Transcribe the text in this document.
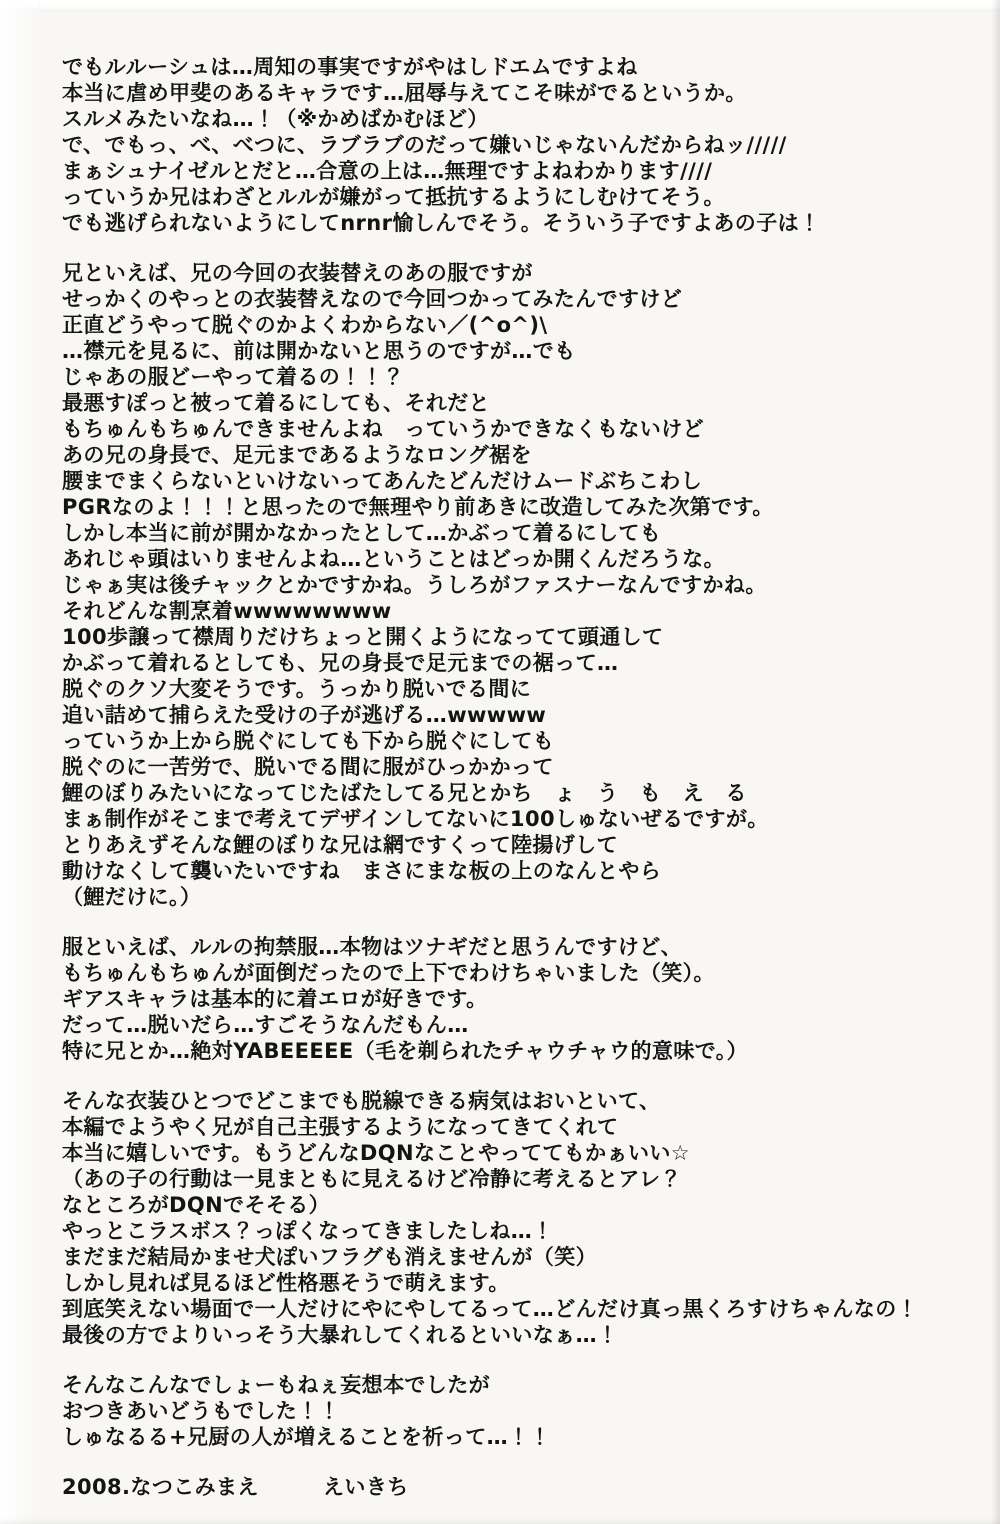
でもルルーシュは…周知の事実ですがやはしドエムですよね
本当に虐め甲斐のあるキャラです…屈辱与えてこそ味がでるというか。
スルメみたいなね…！（※かめばかむほど）
で、でもっ、べ、べつに、ラブラブのだって嫌いじゃないんだからねッ/////
まぁシュナイゼルとだと…合意の上は…無理ですよねわかります////
っていうか兄はわざとルルが嫌がって抵抗するようにしむけてそう。
でも逃げられないようにしてnrnr愉しんでそう。そういう子ですよあの子は！
兄といえば、兄の今回の衣装替えのあの服ですが
せっかくのやっとの衣装替えなので今回つかってみたんですけど
正直どうやって脱ぐのかよくわからない／(^o^)\
…襟元を見るに、前は開かないと思うのですが…でも
じゃあの服どーやって着るの！！？
最悪すぽっと被って着るにしても、それだと
もちゅんもちゅんできませんよね　っていうかできなくもないけど
あの兄の身長で、足元まであるようなロング裾を
腰までまくらないといけないってあんたどんだけムードぶちこわし
PGRなのよ！！！と思ったので無理やり前あきに改造してみた次第です。
しかし本当に前が開かなかったとして…かぶって着るにしても
あれじゃ頭はいりませんよね…ということはどっか開くんだろうな。
じゃぁ実は後チャックとかですかね。うしろがファスナーなんですかね。
それどんな割烹着wwwwwwww
100歩譲って襟周りだけちょっと開くようになってて頭通して
かぶって着れるとしても、兄の身長で足元までの裾って…
脱ぐのクソ大変そうです。うっかり脱いでる間に
追い詰めて捕らえた受けの子が逃げる…wwwww
っていうか上から脱ぐにしても下から脱ぐにしても
脱ぐのに一苦労で、脱いでる間に服がひっかかって
鯉のぼりみたいになってじたばたしてる兄とかち　ょ　う　も　え　る
まぁ制作がそこまで考えてデザインしてないに100しゅないぜるですが。
とりあえずそんな鯉のぼりな兄は網ですくって陸揚げして
動けなくして襲いたいですね　まさにまな板の上のなんとやら
（鯉だけに。）
服といえば、ルルの拘禁服…本物はツナギだと思うんですけど、
もちゅんもちゅんが面倒だったので上下でわけちゃいました（笑）。
ギアスキャラは基本的に着エロが好きです。
だって…脱いだら…すごそうなんだもん…
特に兄とか…絶対YABEEEEE（毛を剃られたチャウチャウ的意味で。）
そんな衣装ひとつでどこまでも脱線できる病気はおいといて、
本編でようやく兄が自己主張するようになってきてくれて
本当に嬉しいです。もうどんなDQNなことやっててもかぁいい☆
（あの子の行動は一見まともに見えるけど冷静に考えるとアレ？
なところがDQNでそそる）
やっとこラスボス？っぽくなってきましたしね…！
まだまだ結局かませ犬ぽいフラグも消えませんが（笑）
しかし見れば見るほど性格悪そうで萌えます。
到底笑えない場面で一人だけにやにやしてるって…どんだけ真っ黒くろすけちゃんなの！
最後の方でよりいっそう大暴れしてくれるといいなぁ…！
そんなこんなでしょーもねぇ妄想本でしたが
おつきあいどうもでした！！
しゅなるる+兄厨の人が増えることを祈って…！！
2008.なつこみまえ　　　えいきち
